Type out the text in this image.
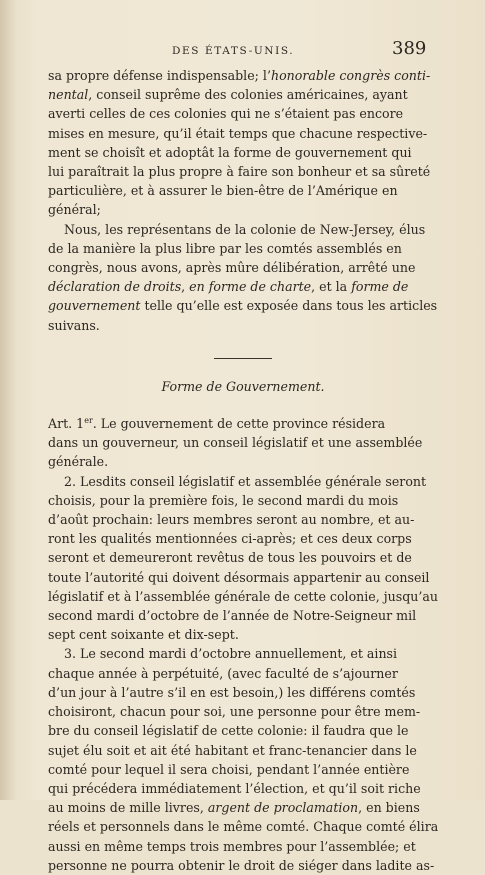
DES ÉTATS-UNIS.	389
sa propre défense indispensable; l’honorable congrès conti-
nental, conseil suprême des colonies américaines, ayant
averti celles de ces colonies qui ne s’étaient pas encore
mises en mesure, qu’il était temps que chacune respective-
ment se choisît et adoptât la forme de gouvernement qui
lui paraîtrait la plus propre à faire son bonheur et sa sûreté
particulière, et à assurer le bien-être de l’Amérique en
général;
Nous, les représentans de la colonie de New-Jersey, élus
de la manière la plus libre par les comtés assemblés en
congrès, nous avons, après mûre délibération, arrêté une
déclaration de droits, en forme de charte, et la forme de
gouvernement telle qu’elle est exposée dans tous les articles
suivans.
Forme de Gouvernement.
Art. 1er. Le gouvernement de cette province résidera
dans un gouverneur, un conseil législatif et une assemblée
générale.
2. Lesdits conseil législatif et assemblée générale seront
choisis, pour la première fois, le second mardi du mois
d’août prochain: leurs membres seront au nombre, et au-
ront les qualités mentionnées ci-après; et ces deux corps
seront et demeureront revêtus de tous les pouvoirs et de
toute l’autorité qui doivent désormais appartenir au conseil
législatif et à l’assemblée générale de cette colonie, jusqu’au
second mardi d’octobre de l’année de Notre-Seigneur mil
sept cent soixante et dix-sept.
3. Le second mardi d’octobre annuellement, et ainsi
chaque année à perpétuité, (avec faculté de s’ajourner
d’un jour à l’autre s’il en est besoin,) les différens comtés
choisiront, chacun pour soi, une personne pour être mem-
bre du conseil législatif de cette colonie: il faudra que le
sujet élu soit et ait été habitant et franc-tenancier dans le
comté pour lequel il sera choisi, pendant l’année entière
qui précédera immédiatement l’élection, et qu’il soit riche
au moins de mille livres, argent de proclamation, en biens
réels et personnels dans le même comté. Chaque comté élira
aussi en même temps trois membres pour l’assemblée; et
personne ne pourra obtenir le droit de siéger dans ladite as-
